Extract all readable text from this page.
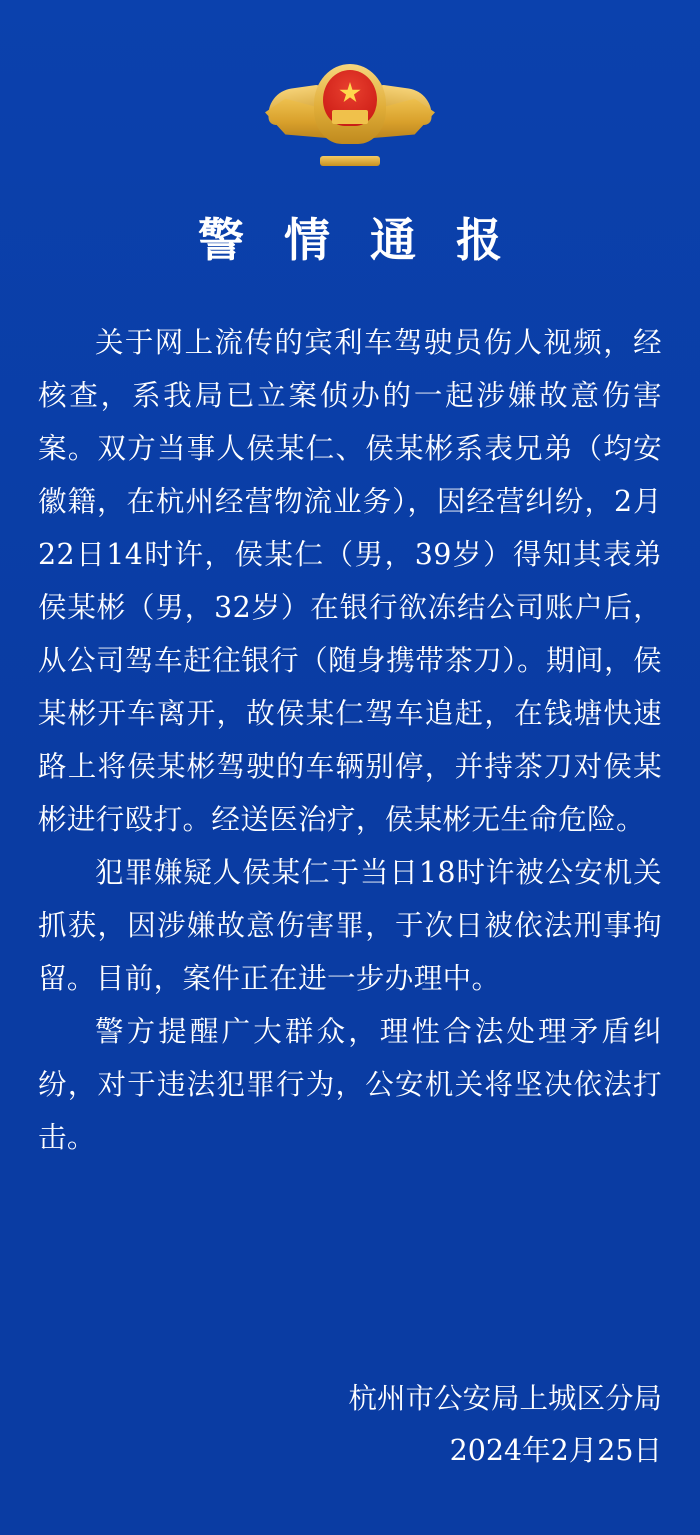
警 情 通 报

关于网上流传的宾利车驾驶员伤人视频，经核查，系我局已立案侦办的一起涉嫌故意伤害案。双方当事人侯某仁、侯某彬系表兄弟（均安徽籍，在杭州经营物流业务），因经营纠纷，2月22日14时许，侯某仁（男，39岁）得知其表弟侯某彬（男，32岁）在银行欲冻结公司账户后，从公司驾车赶往银行（随身携带茶刀）。期间，侯某彬开车离开，故侯某仁驾车追赶，在钱塘快速路上将侯某彬驾驶的车辆别停，并持茶刀对侯某彬进行殴打。经送医治疗，侯某彬无生命危险。

犯罪嫌疑人侯某仁于当日18时许被公安机关抓获，因涉嫌故意伤害罪，于次日被依法刑事拘留。目前，案件正在进一步办理中。

警方提醒广大群众，理性合法处理矛盾纠纷，对于违法犯罪行为，公安机关将坚决依法打击。

杭州市公安局上城区分局
2024年2月25日
